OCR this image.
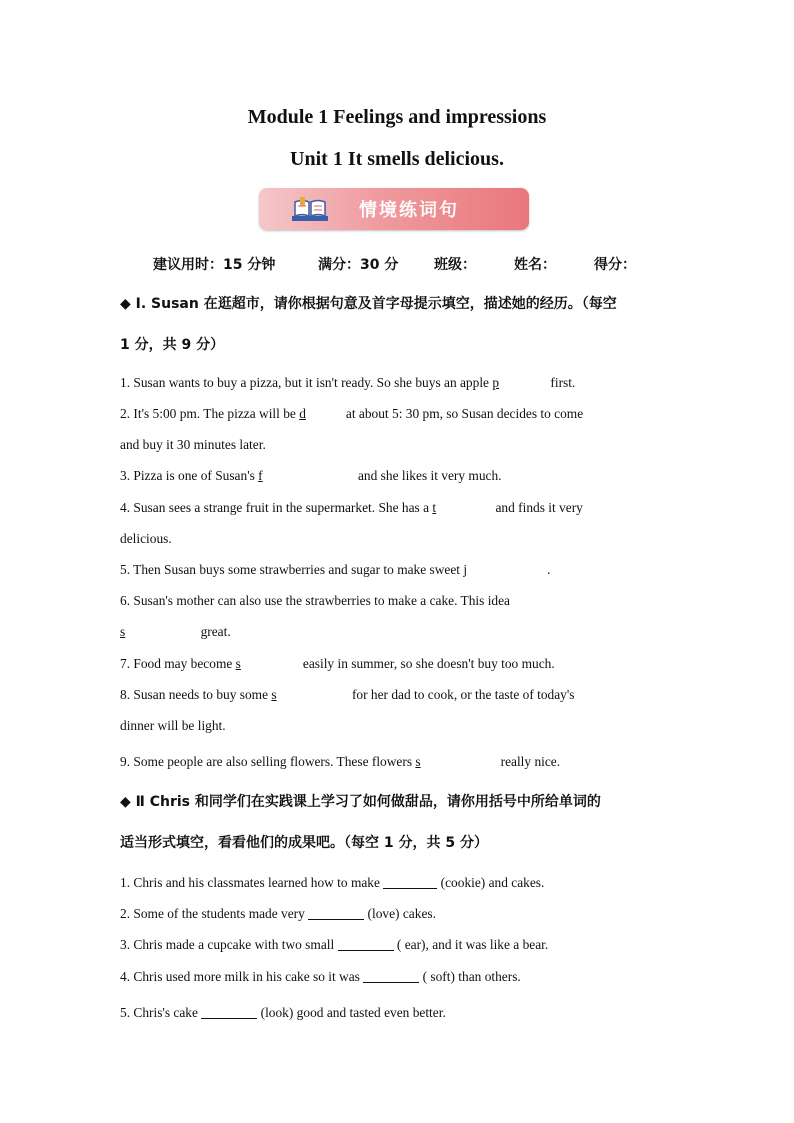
Module 1 Feelings and impressions
Unit 1 It smells delicious.
情境练词句
建议用时：15 分钟	满分：30 分	班级：	姓名：	得分：
◆ I. Susan 在逛超市，请你根据句意及首字母提示填空，描述她的经历。（每空
1 分，共 9 分）
1. Susan wants to buy a pizza, but it isn't ready. So she buys an apple p	first.
2. It's 5:00 pm. The pizza will be d	at about 5: 30 pm, so Susan decides to come
and buy it 30 minutes later.
3. Pizza is one of Susan's f	and she likes it very much.
4. Susan sees a strange fruit in the supermarket. She has a t	and finds it very
delicious.
5. Then Susan buys some strawberries and sugar to make sweet j	.
6. Susan's mother can also use the strawberries to make a cake. This idea
s	great.
7. Food may become s	easily in summer, so she doesn't buy too much.
8. Susan needs to buy some s	for her dad to cook, or the taste of today's
dinner will be light.
9. Some people are also selling flowers. These flowers s	really nice.
◆ Ⅱ Chris 和同学们在实践课上学习了如何做甜品，请你用括号中所给单词的
适当形式填空，看看他们的成果吧。（每空 1 分，共 5 分）
1. Chris and his classmates learned how to make	(cookie) and cakes.
2. Some of the students made very	(love) cakes.
3. Chris made a cupcake with two small	( ear), and it was like a bear.
4. Chris used more milk in his cake so it was	( soft) than others.
5. Chris's cake	(look) good and tasted even better.
